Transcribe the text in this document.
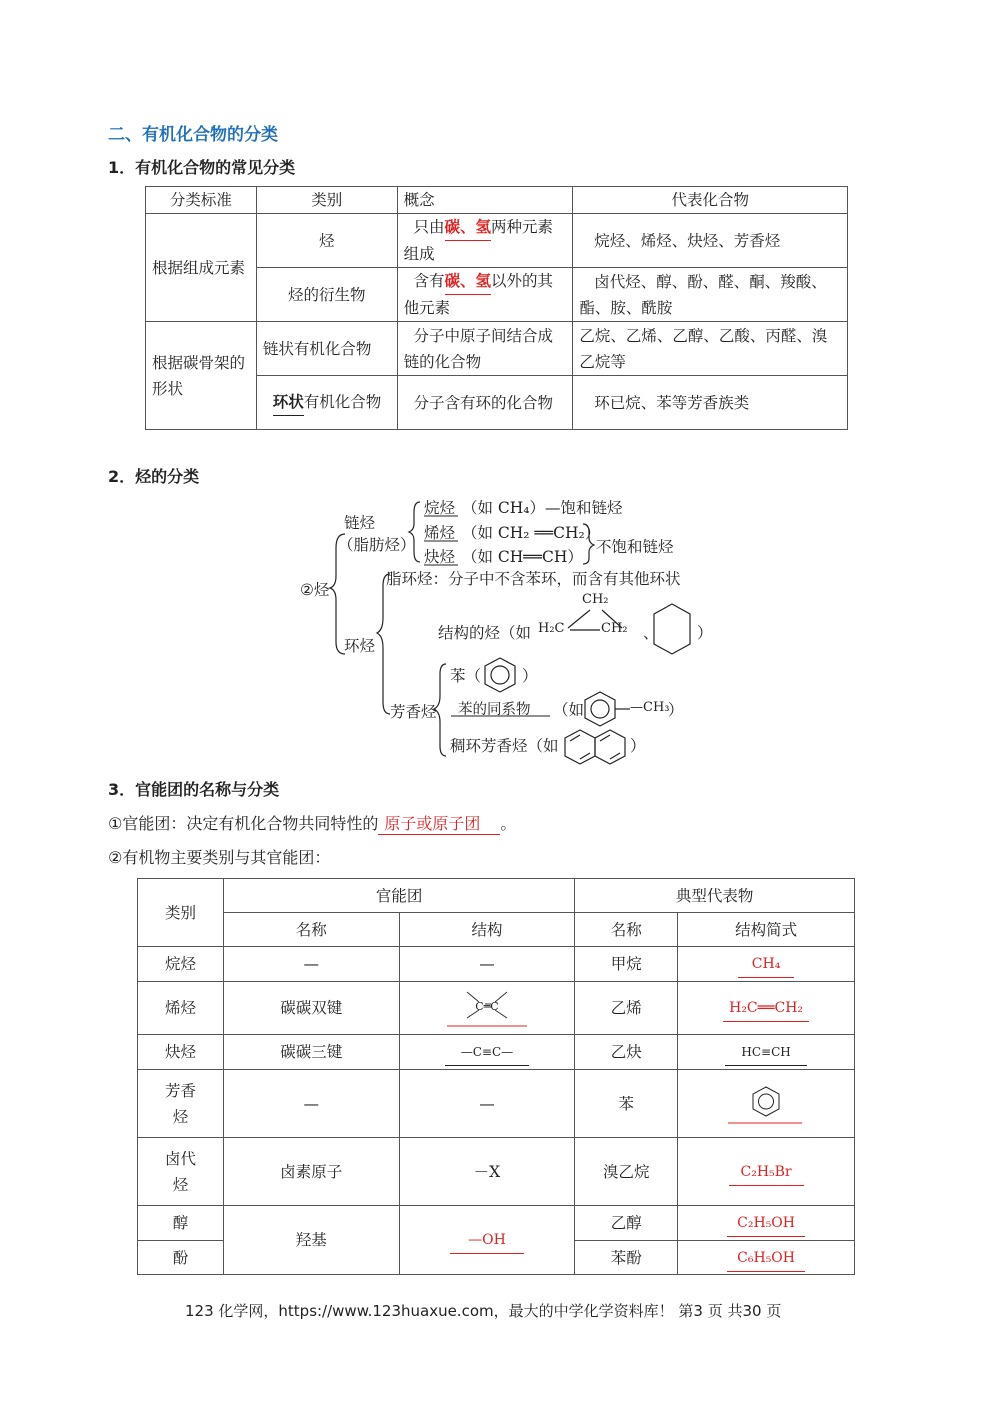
二、有机化合物的分类
1．有机化合物的常见分类
分类标准	类别	概念	代表化合物
根据组成元素	烃	只由碳、氢两种元素组成	烷烃、烯烃、炔烃、芳香烃
	烃的衍生物	含有碳、氢以外的其他元素	卤代烃、醇、酚、醛、酮、羧酸、酯、胺、酰胺
根据碳骨架的形状	链状有机化合物	分子中原子间结合成链的化合物	乙烷、乙烯、乙醇、乙酸、丙醛、溴乙烷等
	环状有机化合物	分子含有环的化合物	环已烷、苯等芳香族类
2．烃的分类
②烃
链烃
（脂肪烃）
烷烃 （如 CH₄）—饱和链烃
烯烃 （如 CH₂ ══CH₂）
炔烃 （如 CH══CH）
不饱和链烃
环烃
脂环烃：分子中不含苯环，而含有其他环状
结构的烃（如
CH₂
H₂C	CH₂ 、 ）
芳香烃
苯（	）
苯的同系物 （如	—CH₃
）
稠环芳香烃（如	）
3．官能团的名称与分类
①官能团：决定有机化合物共同特性的 原子或原子团 。
②有机物主要类别与其官能团：
类别	官能团		典型代表物	
	名称	结构	名称	结构简式
烷烃	—	—	甲烷	CH₄
烯烃	碳碳双键	C═C	乙烯	H₂C══CH₂
炔烃	碳碳三键	—C≡C—	乙炔	HC≡CH
芳香烃	—	—	苯	
卤代烃	卤素原子	－X	溴乙烷	C₂H₅Br
醇	羟基	—OH	乙醇	C₂H₅OH
酚			苯酚	C₆H₅OH
123 化学网，https://www.123huaxue.com，最大的中学化学资料库！ 第3 页 共30 页
